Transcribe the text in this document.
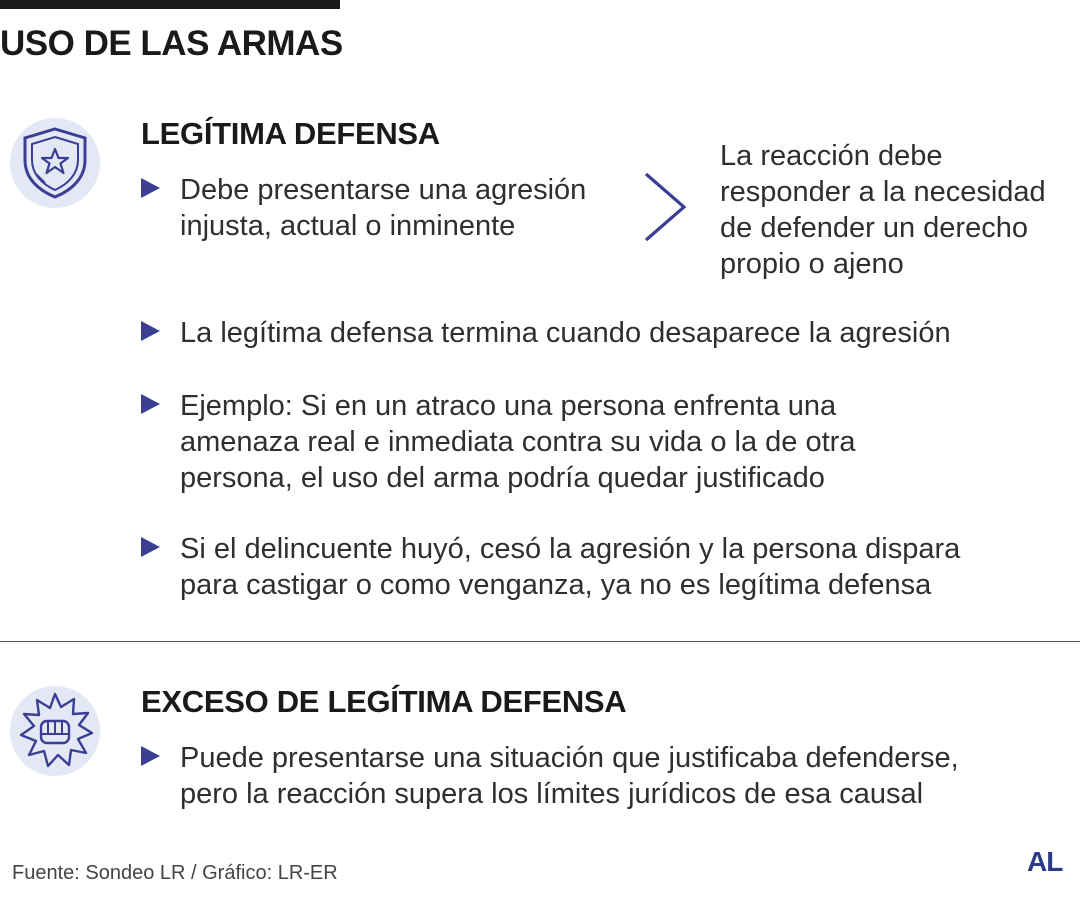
USO DE LAS ARMAS
LEGÍTIMA DEFENSA
Debe presentarse una agresión
injusta, actual o inminente
La reacción debe
responder a la necesidad
de defender un derecho
propio o ajeno
La legítima defensa termina cuando desaparece la agresión
Ejemplo: Si en un atraco una persona enfrenta una
amenaza real e inmediata contra su vida o la de otra
persona, el uso del arma podría quedar justificado
Si el delincuente huyó, cesó la agresión y la persona dispara
para castigar o como venganza, ya no es legítima defensa
EXCESO DE LEGÍTIMA DEFENSA
Puede presentarse una situación que justificaba defenderse,
pero la reacción supera los límites jurídicos de esa causal
Fuente: Sondeo LR / Gráfico: LR-ER	AL
